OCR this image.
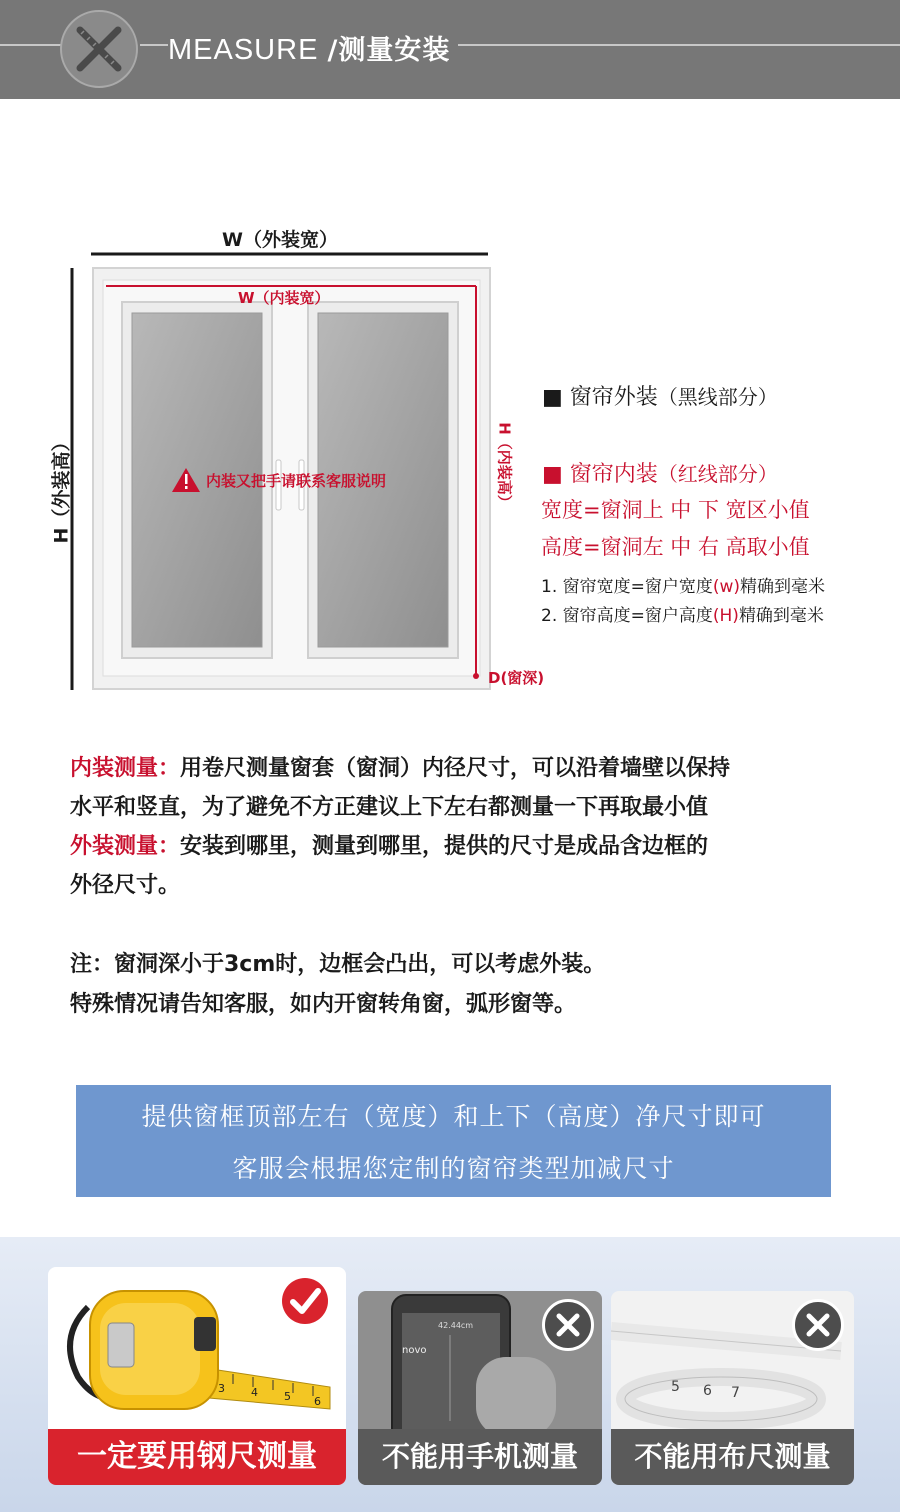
MEASURE /测量安装
W（外装宽）
H（外装高）
W（内装宽）
H（内装高）
D(窗深)
内装又把手请联系客服说明
■ 窗帘外装（黑线部分）
■ 窗帘内装（红线部分）
宽度=窗洞上 中 下 宽区小值
高度=窗洞左 中 右 高取小值
1. 窗帘宽度=窗户宽度(w)精确到毫米
2. 窗帘高度=窗户高度(H)精确到毫米
内装测量：用卷尺测量窗套（窗洞）内径尺寸，可以沿着墙壁以保持
水平和竖直，为了避免不方正建议上下左右都测量一下再取最小值
外装测量：安装到哪里，测量到哪里，提供的尺寸是成品含边框的
外径尺寸。
注：窗洞深小于3cm时，边框会凸出，可以考虑外装。
特殊情况请告知客服，如内开窗转角窗，弧形窗等。
提供窗框顶部左右（宽度）和上下（高度）净尺寸即可
客服会根据您定制的窗帘类型加减尺寸
3 4 5 6
一定要用钢尺测量
42.44cm
novo
不能用手机测量
5 6 7
不能用布尺测量
